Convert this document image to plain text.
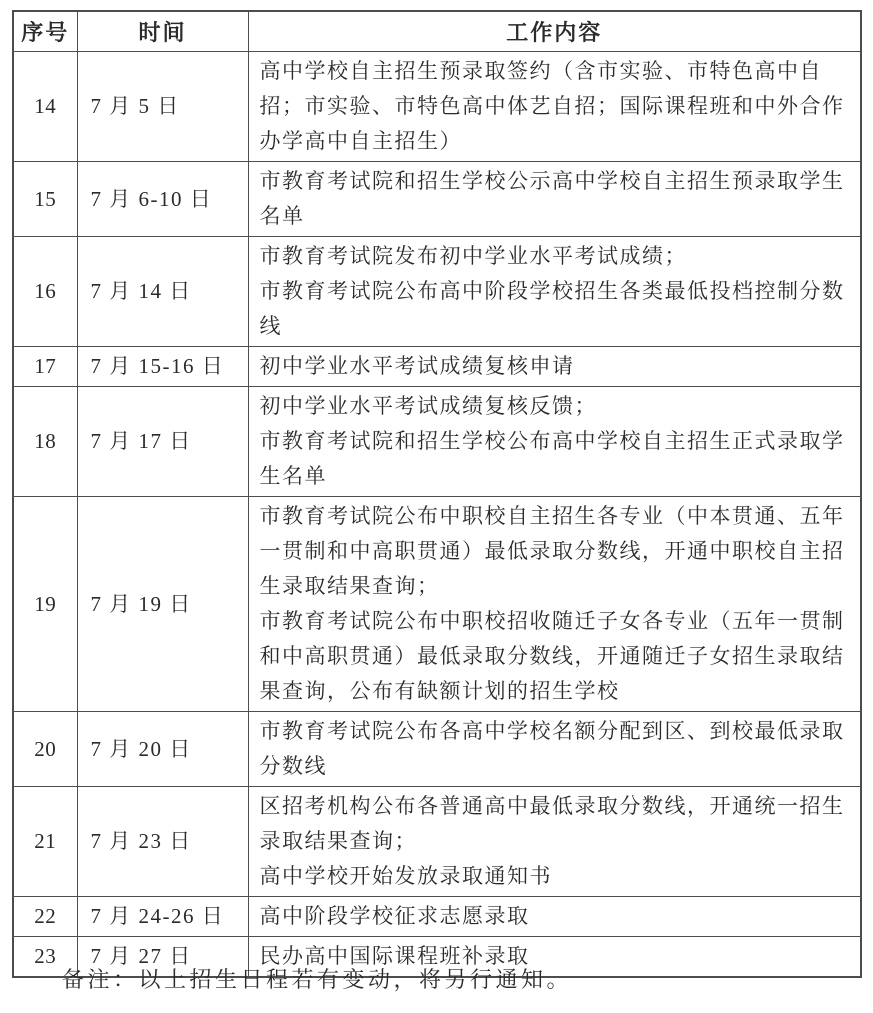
序号	时间	工作内容
14	7 月 5 日	高中学校自主招生预录取签约（含市实验、市特色高中自招；市实验、市特色高中体艺自招；国际课程班和中外合作办学高中自主招生）

15	7 月 6-10 日	市教育考试院和招生学校公示高中学校自主招生预录取学生名单

16	7 月 14 日	市教育考试院发布初中学业水平考试成绩；
市教育考试院公布高中阶段学校招生各类最低投档控制分数线

17	7 月 15-16 日	初中学业水平考试成绩复核申请

18	7 月 17 日	初中学业水平考试成绩复核反馈；
市教育考试院和招生学校公布高中学校自主招生正式录取学生名单

19	7 月 19 日	市教育考试院公布中职校自主招生各专业（中本贯通、五年一贯制和中高职贯通）最低录取分数线，开通中职校自主招生录取结果查询；
市教育考试院公布中职校招收随迁子女各专业（五年一贯制和中高职贯通）最低录取分数线，开通随迁子女招生录取结果查询，公布有缺额计划的招生学校

20	7 月 20 日	市教育考试院公布各高中学校名额分配到区、到校最低录取分数线

21	7 月 23 日	区招考机构公布各普通高中最低录取分数线，开通统一招生录取结果查询；
高中学校开始发放录取通知书

22	7 月 24-26 日	高中阶段学校征求志愿录取

23	7 月 27 日	民办高中国际课程班补录取
备注：以上招生日程若有变动，将另行通知。
